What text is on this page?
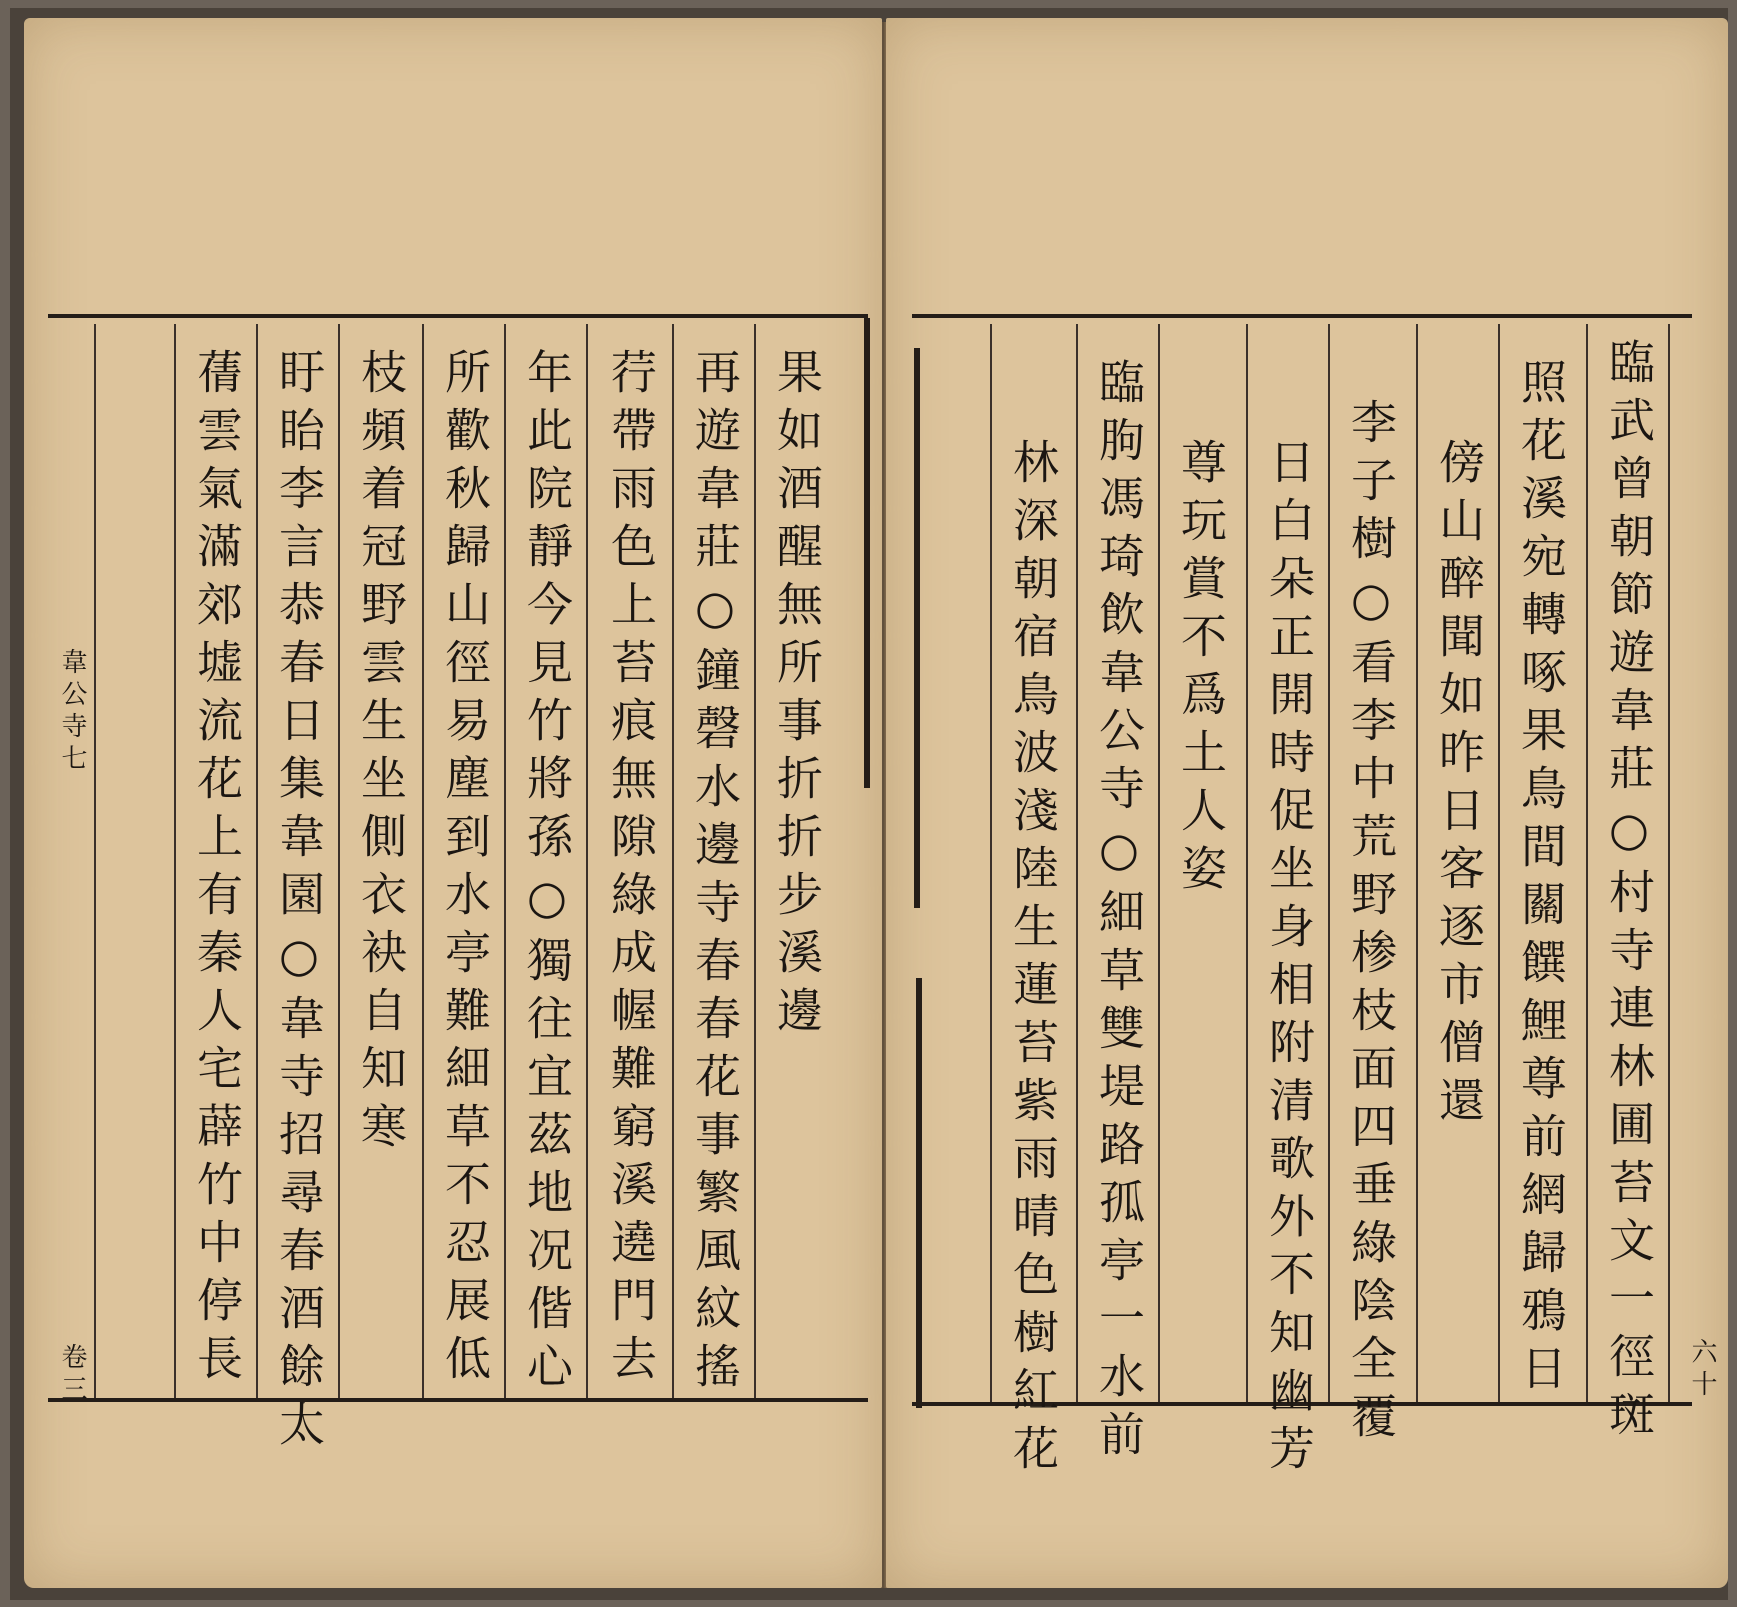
果如酒醒無所事折折步溪邊
再遊韋莊○鐘磬水邊寺春春花事繁風紋搖
荇帶雨色上苔痕無隙綠成幄難窮溪遶門去
年此院靜今見竹將孫○獨往宜茲地况偕心
所歡秋歸山徑易塵到水亭難細草不忍展低
枝頻着冠野雲生坐側衣袂自知寒
盱眙李言恭春日集韋園○韋寺招尋春酒餘太
蒨雲氣滿郊墟流花上有秦人宅薜竹中停長
韋公寺七
卷三	臨武曾朝節遊韋莊○村寺連林圃苔文一徑斑
照花溪宛轉啄果鳥間關饌鯉尊前網歸鴉日
傍山醉聞如昨日客逐市僧還
李子樹○看李中荒野椮枝面四垂綠陰全覆
日白朵正開時促坐身相附清歌外不知幽芳
尊玩賞不爲土人姿
臨朐馮琦飲韋公寺○細草雙堤路孤亭一水前
林深朝宿鳥波淺陸生蓮苔紫雨晴色樹紅花	六十
